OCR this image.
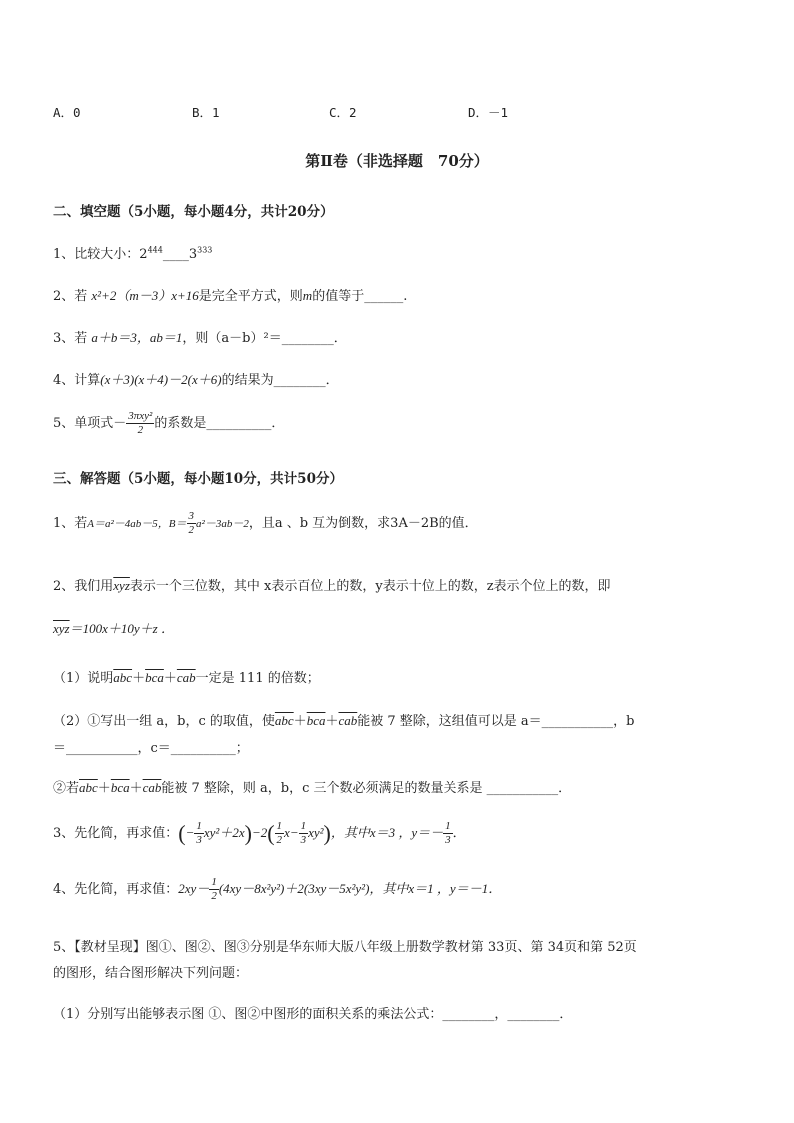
A．0	B．1	C．2	D．－1
第Ⅱ卷（非选择题　70分）
二、填空题（5小题，每小题4分，共计20分）
1、比较大小：$2^{444}\_\_\_\_3^{333}$
2、若 x²+2（m－3）x+16是完全平方式，则m的值等于______.
3、若 a＋b＝3，ab＝1，则（a－b）²＝________．
4、计算(x＋3)(x＋4)－2(x＋6)的结果为________．
5、单项式－ $\frac{\text{3πxy²}}{2}$ 的系数是__________．
三、解答题（5小题，每小题10分，共计50分）
1、若A＝a²－4ab－5，$B= \frac{3}{2} a^2-3ab-2$，且a 、b 互为倒数，求3A－2B的值．
2、我们用$\overline{xyz}$表示一个三位数，其中 x表示百位上的数，y表示十位上的数，z表示个位上的数，即
$\overline{xyz}=100x+10y+z$ ．
（1）说明$\overline{abc}+\overline{bca}+\overline{cab}$一定是 111 的倍数；
（2）①写出一组 a，b，c 的取值，使$\overline{abc}+\overline{bca}+\overline{cab}$能被 7 整除，这组值可以是 a＝___________，b
＝___________，c＝__________；
②若$\overline{abc}+\overline{bca}+\overline{cab}$能被 7 整除，则 a，b，c 三个数必须满足的数量关系是 ___________．
3、先化简，再求值：(− $\frac{1}{3} xy^2+2x)-2( \frac{1}{2} x- \frac{1}{3} xy^2)$，其中x＝3 ，$y=- \frac{1}{3}$ ．
4、先化简，再求值：$2xy- \frac{1}{2} (4xy-8x^2y^2)+2(3xy-5x^2y^2)$，其中x＝1 ，y＝－1．
5、【教材呈现】图①、图②、图③分别是华东师大版八年级上册数学教材第 33页、第 34页和第 52页
的图形，结合图形解决下列问题：
（1）分别写出能够表示图 ①、图②中图形的面积关系的乘法公式：________，________．
